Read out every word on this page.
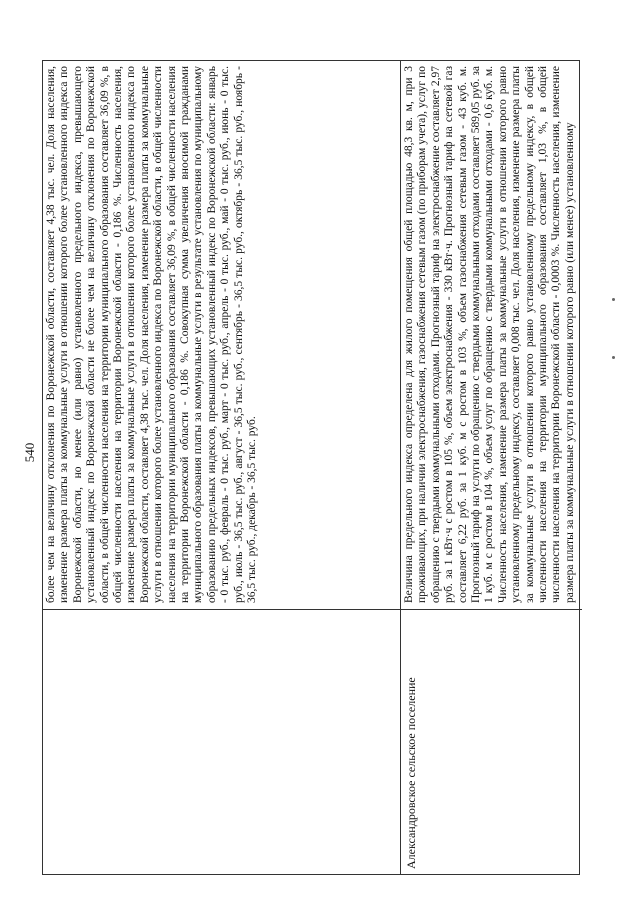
540 более чем на величину отклонения по Воронежской области, составляет 4,38 тыс. чел. Доля населения, изменение размера платы за коммунальные услуги в отношении которого более установленного индекса по Воронежской области, но менее (или равно) установленного предельного индекса, превышающего установленный индекс по Воронежской области не более чем на величину отклонения по Воронежской области, в общей численности населения на территории муниципального образования составляет 36,09 %, в общей численности населения на территории Воронежской области - 0,186 %. Численность населения, изменение размера платы за коммунальные услуги в отношении которого более установленного индекса по Воронежской области, составляет 4,38 тыс. чел. Доля населения, изменение размера платы за коммунальные услуги в отношении которого более установленного индекса по Воронежской области, в общей численности населения на территории муниципального образования составляет 36,09 %, в общей численности населения на территории Воронежской области - 0,186 %. Совокупная сумма увеличения вносимой гражданами муниципального образования платы за коммунальные услуги в результате установления по муниципальному образованию предельных индексов, превышающих установленный индекс по Воронежской области: январь - 0 тыс. руб., февраль - 0 тыс. руб., март - 0 тыс. руб., апрель - 0 тыс. руб., май - 0 тыс. руб., июнь - 0 тыс. руб., июль - 36,5 тыс. руб., август - 36,5 тыс. руб., сентябрь - 36,5 тыс. руб., октябрь - 36,5 тыс. руб., ноябрь - 36,5 тыс. руб., декабрь - 36,5 тыс. руб.
Александровское сельское поселение
Величина предельного индекса определена для жилого помещения общей площадью 48,3 кв. м, при 3 проживающих, при наличии электроснабжения, газоснабжения сетевым газом (по приборам учета), услуг по обращению с твердыми коммунальными отходами. Прогнозный тариф на электроснабжение составляет 2,97 руб. за 1 кВт·ч с ростом в 105 %, объем электроснабжения - 330 кВт·ч. Прогнозный тариф на сетевой газ составляет 6,22 руб. за 1 куб. м с ростом в 103 %, объем газоснабжения сетевым газом - 43 куб. м. Прогнозный тариф на услуги по обращению с твердыми коммунальными отходами составляет 589,05 руб. за 1 куб. м с ростом в 104 %, объем услуг по обращению с твердыми коммунальными отходами - 0,6 куб. м. Численность населения, изменение размера платы за коммунальные услуги в отношении которого равно установленному предельному индексу, составляет 0,008 тыс. чел. Доля населения, изменение размера платы за коммунальные услуги в отношении которого равно установленному предельному индексу, в общей численности населения на территории муниципального образования составляет 1,03 %, в общей численности населения на территории Воронежской области - 0,0003 %. Численность населения, изменение размера платы за коммунальные услуги в отношении которого равно (или менее) установленному
